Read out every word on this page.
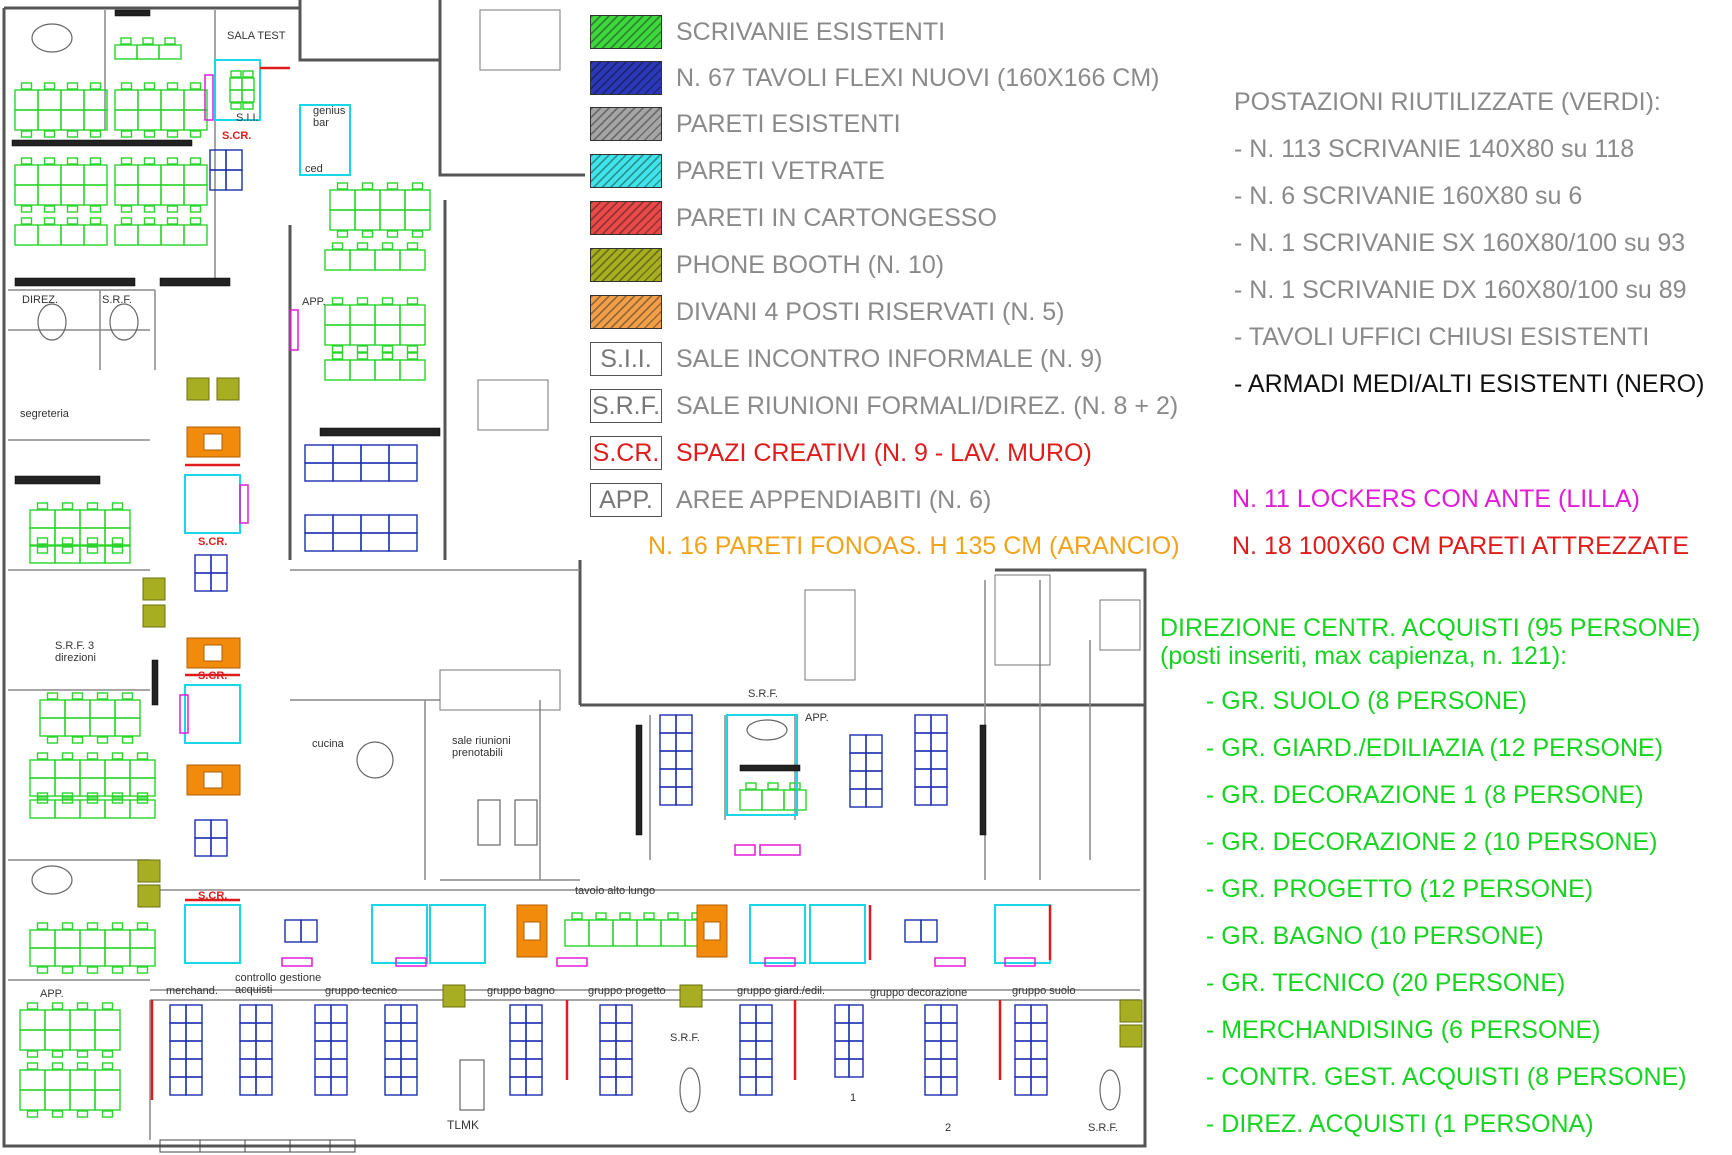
SALA TEST
genius bar
ced
S.I.I.
S.CR.
DIREZ.	S.R.F.	APP.
segreteria
S.R.F. 3 direzioni
S.CR.
S.CR.
S.CR.
cucina	sale riunioni prenotabili
S.R.F.
APP.
tavolo alto lungo
merchand.
controllo gestione acquisti	gruppo tecnico	gruppo bagno	gruppo progetto	gruppo giard./edil.	gruppo decorazione	gruppo suolo
TLMK
S.R.F.
S.R.F.
APP.
1
2
SCRIVANIE ESISTENTI
N. 67 TAVOLI FLEXI NUOVI (160X166 CM)
PARETI ESISTENTI
PARETI VETRATE
PARETI IN CARTONGESSO
PHONE BOOTH (N. 10)
DIVANI 4 POSTI RISERVATI (N. 5)
S.I.I. SALE INCONTRO INFORMALE (N. 9)
S.R.F. SALE RIUNIONI FORMALI/DIREZ. (N. 8 + 2)
S.CR. SPAZI CREATIVI (N. 9 - LAV. MURO)
APP. AREE APPENDIABITI (N. 6)
N. 16 PARETI FONOAS. H 135 CM (ARANCIO)
POSTAZIONI RIUTILIZZATE (VERDI):
- N. 113 SCRIVANIE 140X80 su 118
- N. 6 SCRIVANIE 160X80 su 6
- N. 1 SCRIVANIE SX 160X80/100 su 93
- N. 1 SCRIVANIE DX 160X80/100 su 89
- TAVOLI UFFICI CHIUSI ESISTENTI
- ARMADI MEDI/ALTI ESISTENTI (NERO)
N. 11 LOCKERS CON ANTE (LILLA)
N. 18 100X60 CM PARETI ATTREZZATE
DIREZIONE CENTR. ACQUISTI (95 PERSONE)
(posti inseriti, max capienza, n. 121):
- GR. SUOLO (8 PERSONE)
- GR. GIARD./EDILIAZIA (12 PERSONE)
- GR. DECORAZIONE 1 (8 PERSONE)
- GR. DECORAZIONE 2 (10 PERSONE)
- GR. PROGETTO (12 PERSONE)
- GR. BAGNO (10 PERSONE)
- GR. TECNICO (20 PERSONE)
- MERCHANDISING (6 PERSONE)
- CONTR. GEST. ACQUISTI (8 PERSONE)
- DIREZ. ACQUISTI (1 PERSONA)
